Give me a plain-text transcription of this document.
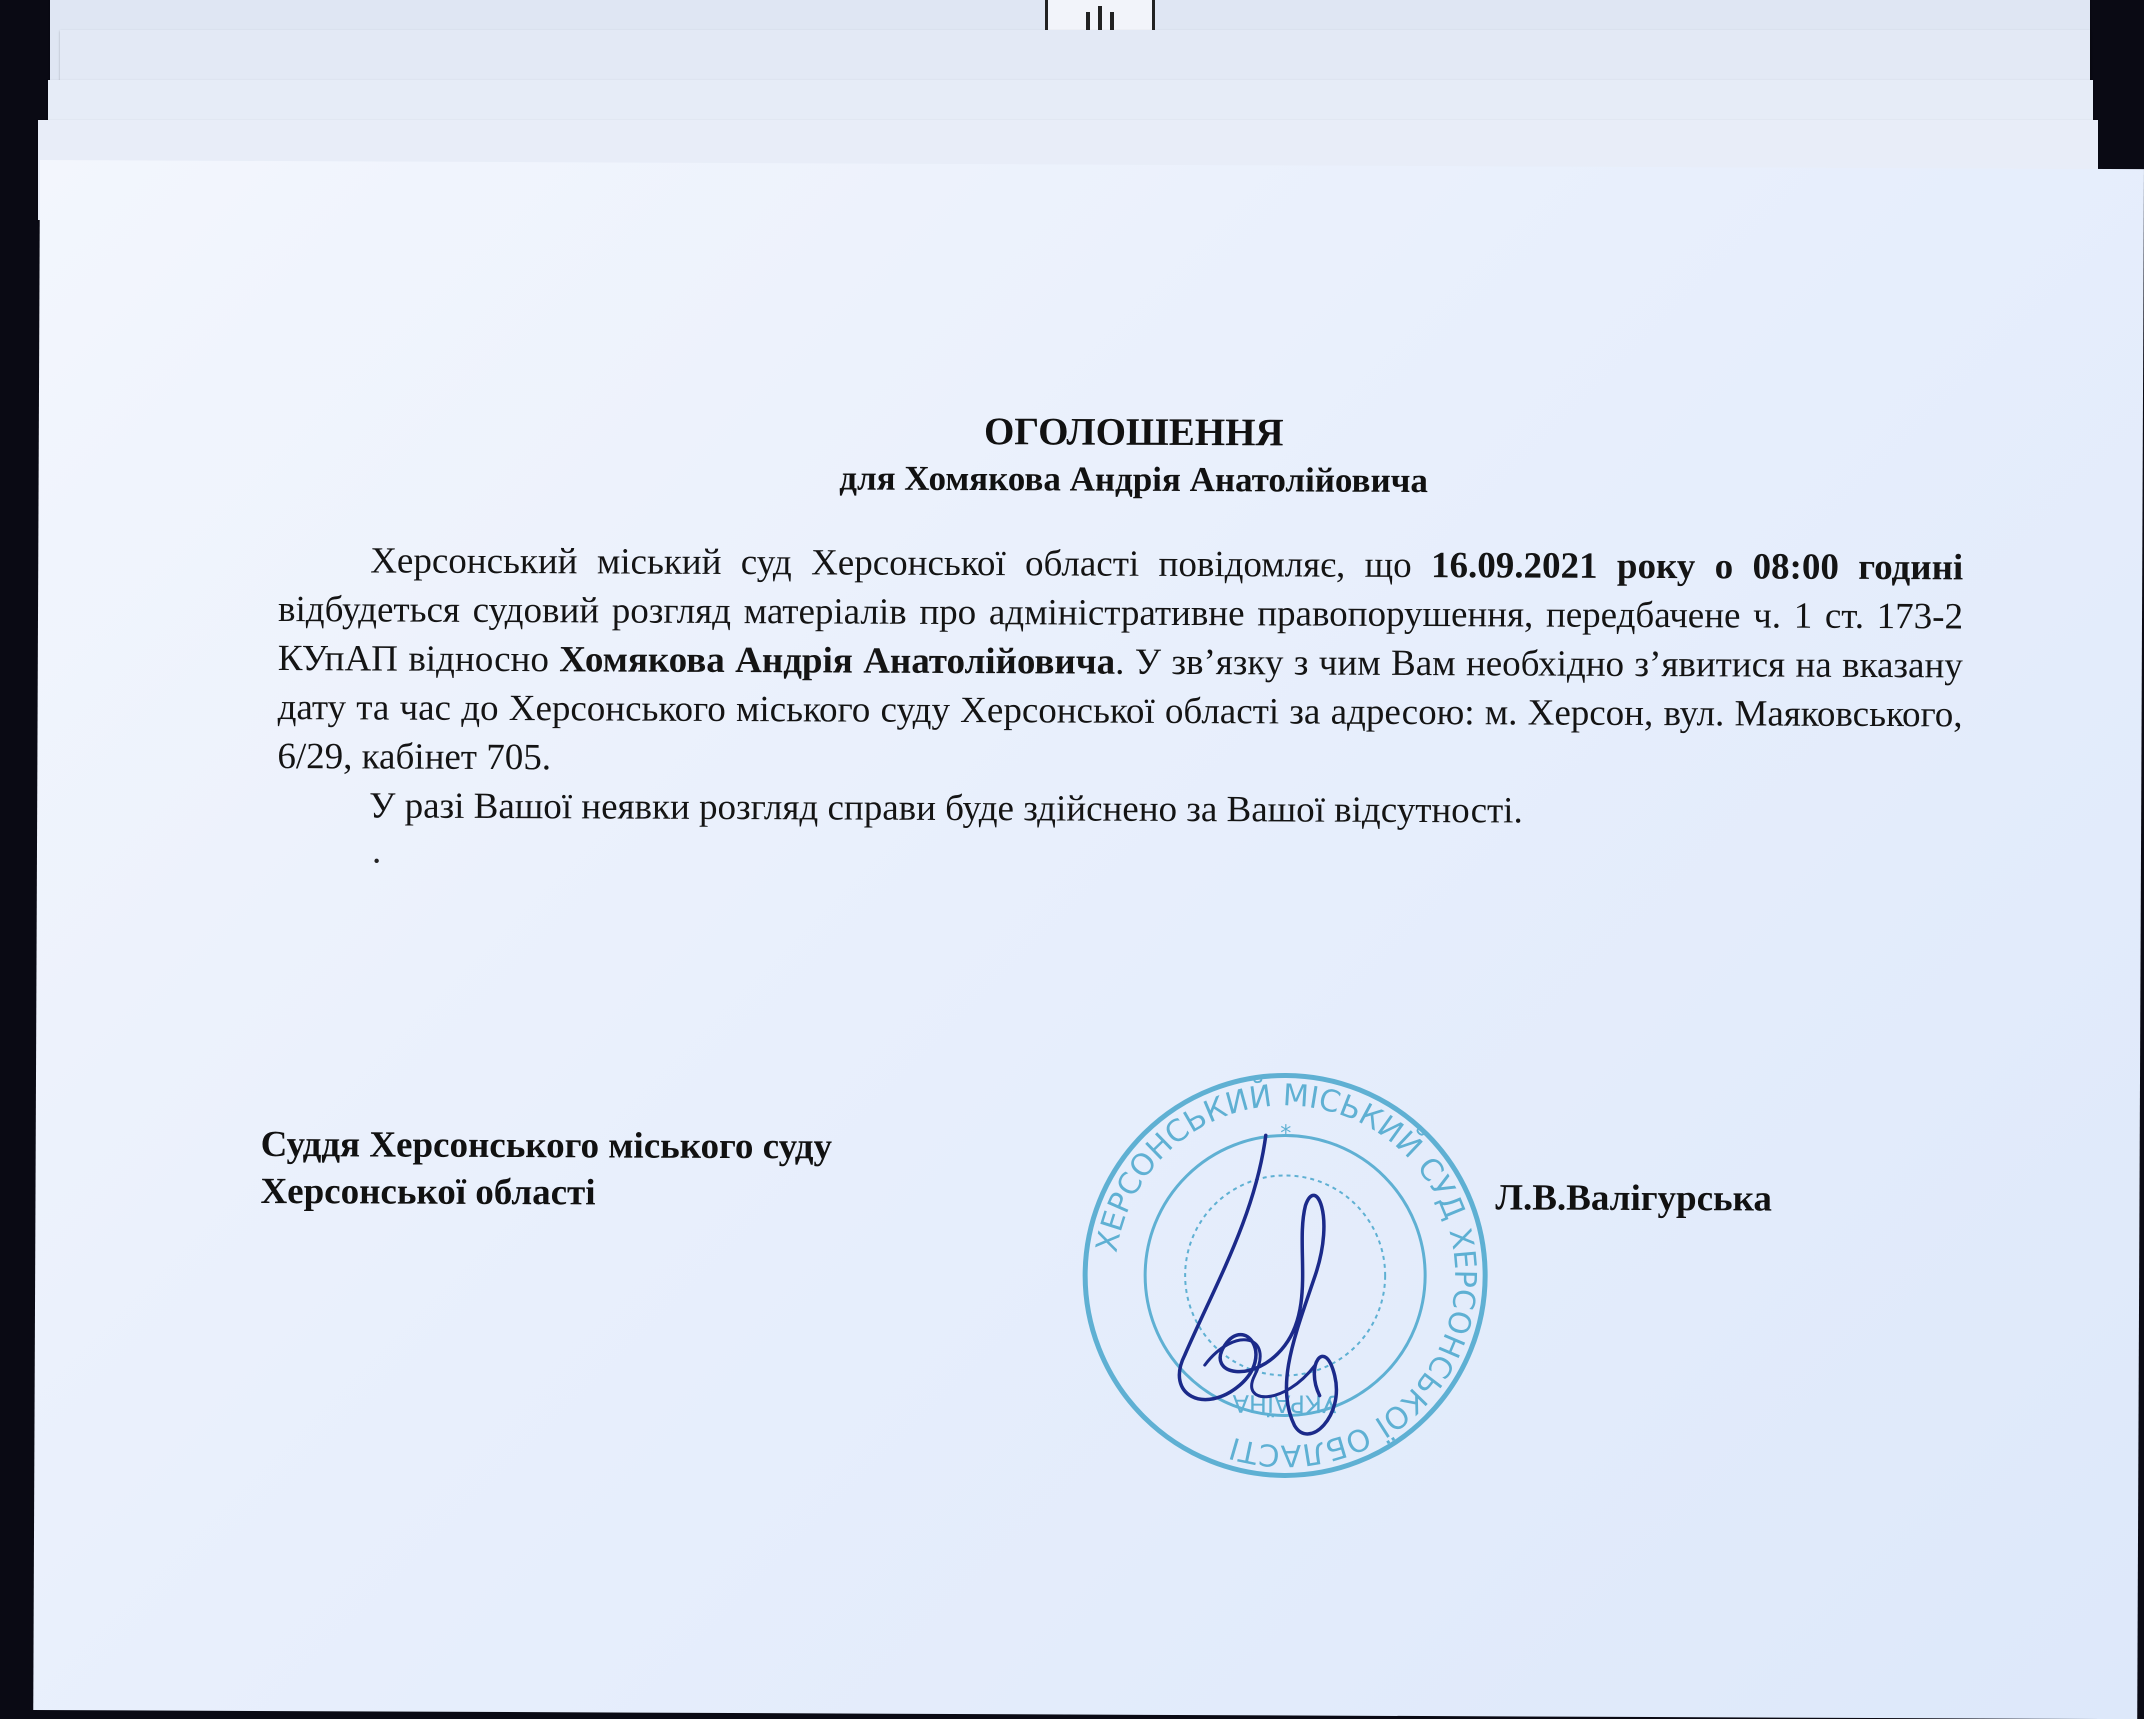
ОГОЛОШЕННЯ
для Хомякова Андрія Анатолійовича

Херсонський міський суд Херсонської області повідомляє, що 16.09.2021 року о 08:00 годині відбудеться судовий розгляд матеріалів про адміністративне правопорушення, передбачене ч. 1 ст. 173-2 КУпАП відносно Хомякова Андрія Анатолійовича. У зв’язку з чим Вам необхідно з’явитися на вказану дату та час до Херсонського міського суду Херсонської області за адресою: м. Херсон, вул. Маяковського, 6/29, кабінет 705.

У разі Вашої неявки розгляд справи буде здійснено за Вашої відсутності.

.
Суддя Херсонського міського суду
Херсонської області
ХЕРСОНСЬКИЙ МІСЬКИЙ СУД ХЕРСОНСЬКОЇ ОБЛАСТІ
УКРАЇНА
*
Л.В.Валігурська
